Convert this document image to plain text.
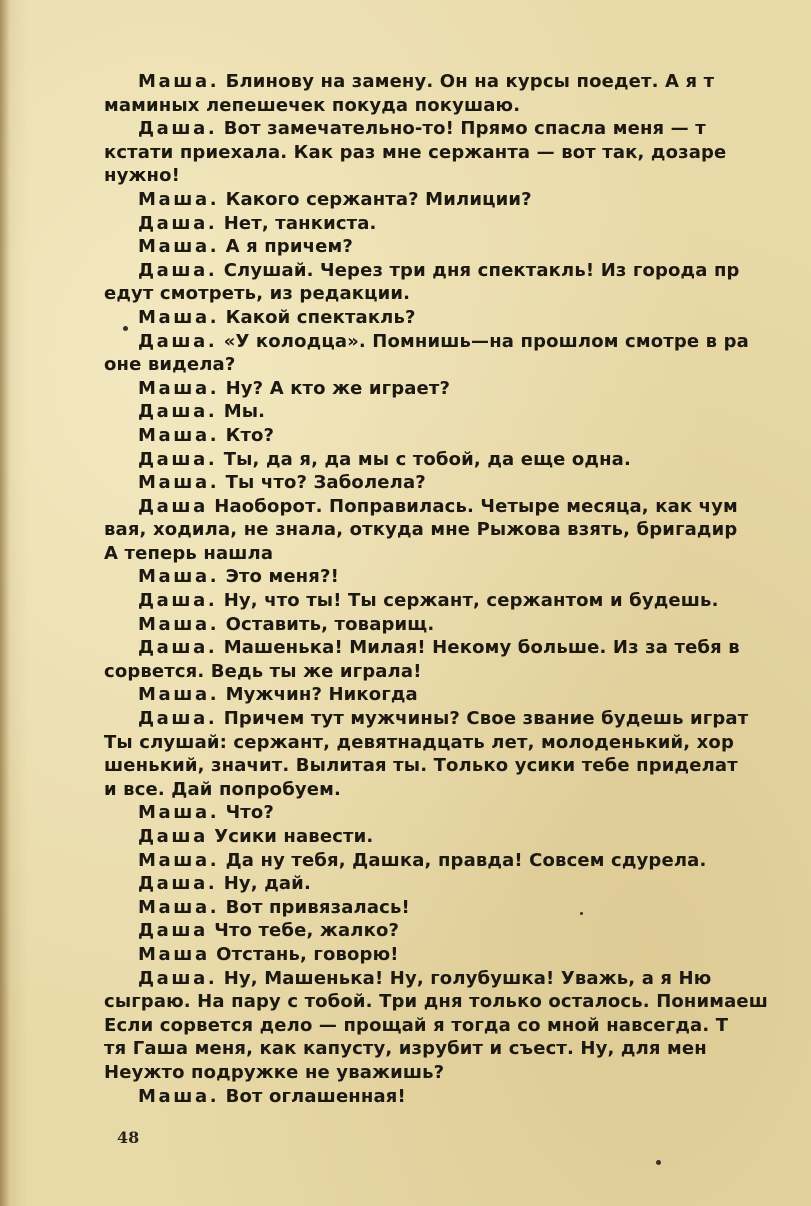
Маша. Блинову на замену. Он на курсы поедет. А я т
маминых лепешечек покуда покушаю.
Даша. Вот замечательно-то! Прямо спасла меня — т
кстати приехала. Как раз мне сержанта — вот так, дозаре
нужно!
Маша. Какого сержанта? Милиции?
Даша. Нет, танкиста.
Маша. А я причем?
Даша. Слушай. Через три дня спектакль! Из города пр
едут смотреть, из редакции.
Маша. Какой спектакль?
Даша. «У колодца». Помнишь—на прошлом смотре в ра
оне видела?
Маша. Ну? А кто же играет?
Даша. Мы.
Маша. Кто?
Даша. Ты, да я, да мы с тобой, да еще одна.
Маша. Ты что? Заболела?
Даша Наоборот. Поправилась. Четыре месяца, как чум
вая, ходила, не знала, откуда мне Рыжова взять, бригадир
А теперь нашла
Маша. Это меня?!
Даша. Ну, что ты! Ты сержант, сержантом и будешь.
Маша. Оставить, товарищ.
Даша. Машенька! Милая! Некому больше. Из за тебя в
сорвется. Ведь ты же играла!
Маша. Мужчин? Никогда
Даша. Причем тут мужчины? Свое звание будешь играт
Ты слушай: сержант, девятнадцать лет, молоденький, хор
шенький, значит. Вылитая ты. Только усики тебе приделат
и все. Дай попробуем.
Маша. Что?
Даша Усики навести.
Маша. Да ну тебя, Дашка, правда! Совсем сдурела.
Даша. Ну, дай.
Маша. Вот привязалась!
Даша Что тебе, жалко?
Маша Отстань, говорю!
Даша. Ну, Машенька! Ну, голубушка! Уважь, а я Ню
сыграю. На пару с тобой. Три дня только осталось. Понимаеш
Если сорвется дело — прощай я тогда со мной навсегда. Т
тя Гаша меня, как капусту, изрубит и съест. Ну, для мен
Неужто подружке не уважишь?
Маша. Вот оглашенная!
48
